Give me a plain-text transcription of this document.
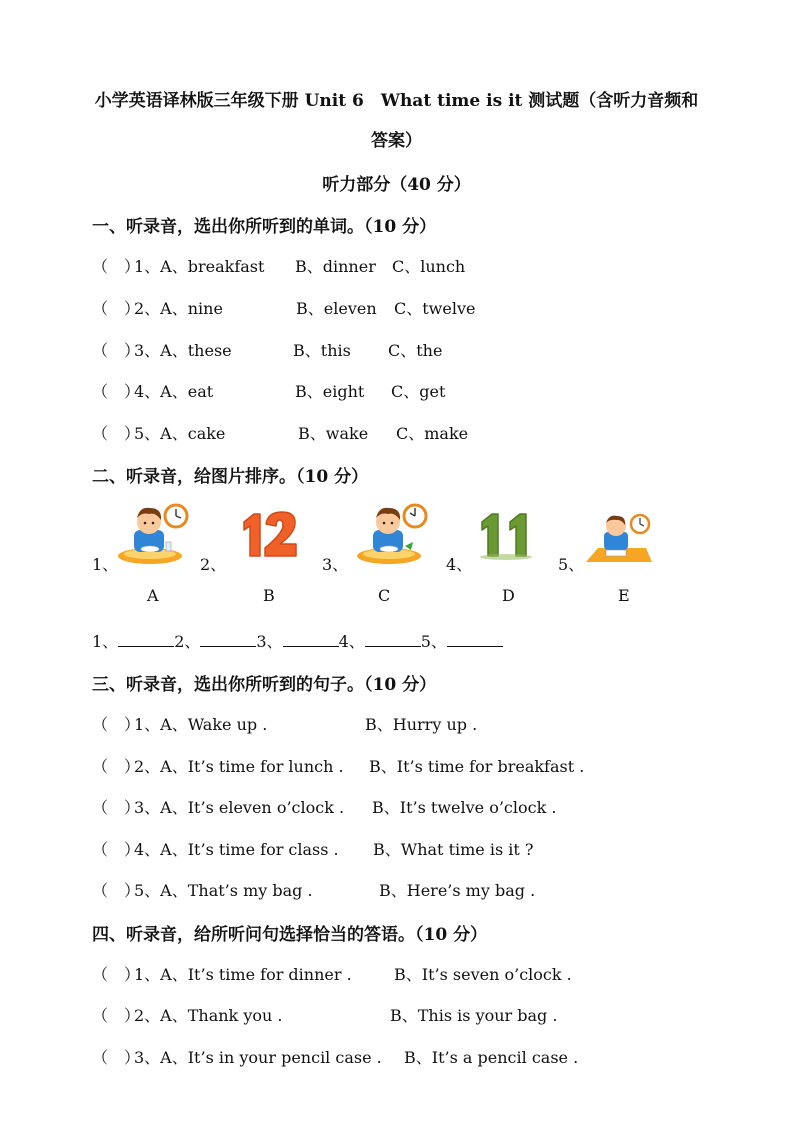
小学英语译林版三年级下册 Unit 6　What time is it 测试题（含听力音频和
答案）
听力部分（40 分）
一、听录音，选出你所听到的单词。（10 分）
（　）
1、A、breakfast B、dinner C、lunch
（　）
2、A、nine	B、eleven C、twelve
（　）
3、A、these	B、this C、the
（　）
4、A、eat	B、eight C、get
（　）
5、A、cake	B、wake C、make
二、听录音，给图片排序。（10 分）
1、	2、	3、	4、	5、
A	B	C	D	E
1、	2、	3、	4、	5、
三、听录音，选出你所听到的句子。（10 分）
（　）
1、A、Wake up .	B、Hurry up .
（　）
2、A、It’s time for lunch . B、It’s time for breakfast .
（　）
3、A、It’s eleven o’clock . B、It’s twelve o’clock .
（　）
4、A、It’s time for class . B、What time is it ?
（　）
5、A、That’s my bag .	B、Here’s my bag .
四、听录音，给所听问句选择恰当的答语。（10 分）
（　）
1、A、It’s time for dinner .	B、It’s seven o’clock .
（　）
2、A、Thank you .	B、This is your bag .
（　）
3、A、It’s in your pencil case . B、It’s a pencil case .
